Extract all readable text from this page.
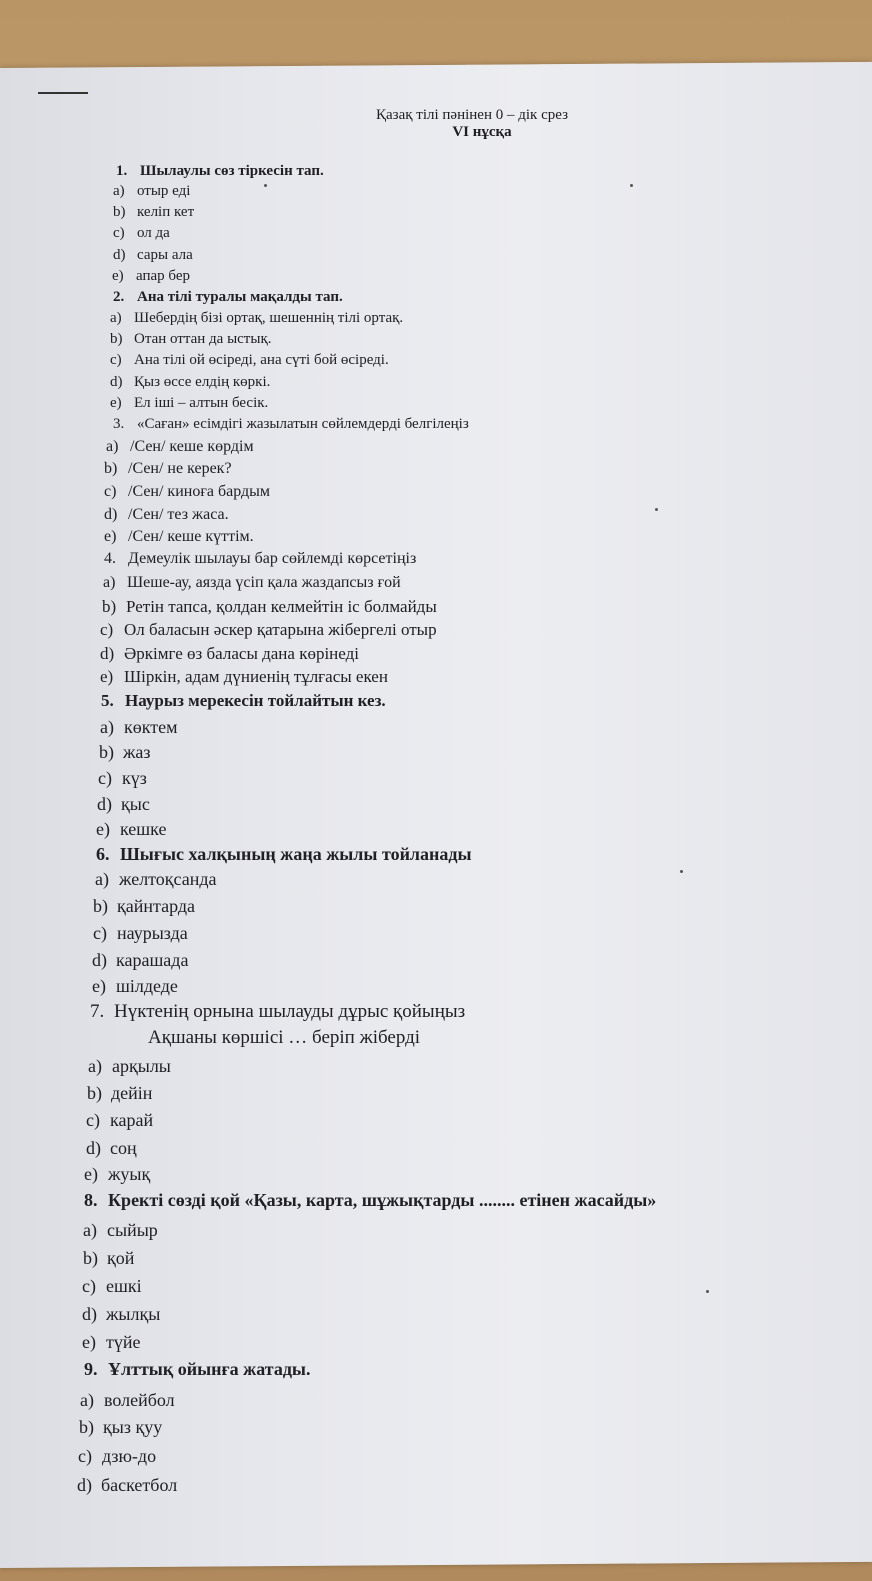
Қазақ тілі пәнінен 0 – дік срез
VI нұсқа
1. Шылаулы сөз тіркесін тап.
a) отыр еді
b) келіп кет
c) ол да
d) сары ала
e) апар бер
2. Ана тілі туралы мақалды тап.
a) Шебердің бізі ортақ, шешеннің тілі ортақ.
b) Отан оттан да ыстық.
c) Ана тілі ой өсіреді, ана сүті бой өсіреді.
d) Қыз өссе елдің көркі.
e) Ел іші – алтын бесік.
3. «Саған» есімдігі жазылатын сөйлемдерді белгілеңіз
a) /Сен/ кеше көрдім
b) /Сен/ не керек?
c) /Сен/ киноға бардым
d) /Сен/ тез жаса.
e) /Сен/ кеше күттім.
4. Демеулік шылауы бар сөйлемді көрсетіңіз
a) Шеше-ау, аязда үсіп қала жаздапсыз ғой
b) Ретін тапса, қолдан келмейтін іс болмайды
c) Ол баласын әскер қатарына жібергелі отыр
d) Әркімге өз баласы дана көрінеді
e) Шіркін, адам дүниенің тұлғасы екен
5. Наурыз мерекесін тойлайтын кез.
a) көктем
b) жаз
c) күз
d) қыс
e) кешке
6. Шығыс халқының жаңа жылы тойланады
a) желтоқсанда
b) қайнтарда
c) наурызда
d) карашада
e) шілдеде
7. Нүктенің орнына шылауды дұрыс қойыңыз
Ақшаны көршісі … беріп жіберді
a) арқылы
b) дейін
c) карай
d) соң
e) жуық
8. Кректі сөзді қой «Қазы, карта, шұжықтарды ........ етінен жасайды»
a) сыйыр
b) қой
c) ешкі
d) жылқы
e) түйе
9. Ұлттық ойынға жатады.
a) волейбол
b) қыз қуу
c) дзю-до
d) баскетбол
